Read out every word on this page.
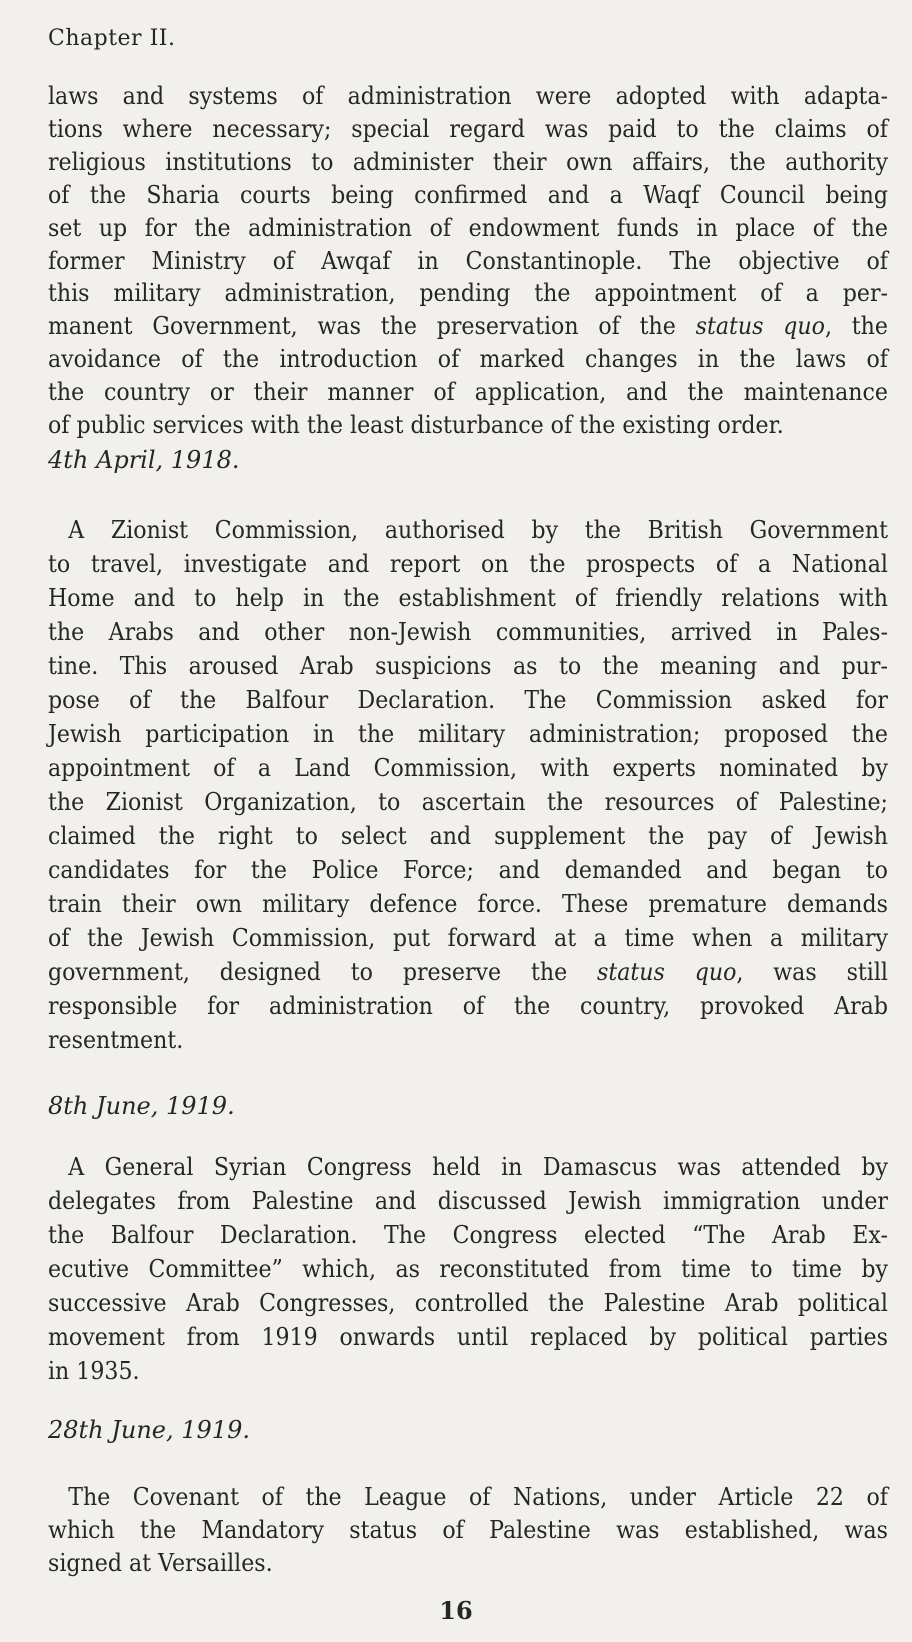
Chapter II.
laws and systems of administration were adopted with adapta-
tions where necessary; special regard was paid to the claims of
religious institutions to administer their own affairs, the authority
of the Sharia courts being confirmed and a Waqf Council being
set up for the administration of endowment funds in place of the
former Ministry of Awqaf in Constantinople. The objective of
this military administration, pending the appointment of a per-
manent Government, was the preservation of the status quo, the
avoidance of the introduction of marked changes in the laws of
the country or their manner of application, and the maintenance
of public services with the least disturbance of the existing order.
4th April, 1918.
A Zionist Commission, authorised by the British Government
to travel, investigate and report on the prospects of a National
Home and to help in the establishment of friendly relations with
the Arabs and other non-Jewish communities, arrived in Pales-
tine. This aroused Arab suspicions as to the meaning and pur-
pose of the Balfour Declaration. The Commission asked for
Jewish participation in the military administration; proposed the
appointment of a Land Commission, with experts nominated by
the Zionist Organization, to ascertain the resources of Palestine;
claimed the right to select and supplement the pay of Jewish
candidates for the Police Force; and demanded and began to
train their own military defence force. These premature demands
of the Jewish Commission, put forward at a time when a military
government, designed to preserve the status quo, was still
responsible for administration of the country, provoked Arab
resentment.
8th June, 1919.
A General Syrian Congress held in Damascus was attended by
delegates from Palestine and discussed Jewish immigration under
the Balfour Declaration. The Congress elected “The Arab Ex-
ecutive Committee” which, as reconstituted from time to time by
successive Arab Congresses, controlled the Palestine Arab political
movement from 1919 onwards until replaced by political parties
in 1935.
28th June, 1919.
The Covenant of the League of Nations, under Article 22 of
which the Mandatory status of Palestine was established, was
signed at Versailles.
16
